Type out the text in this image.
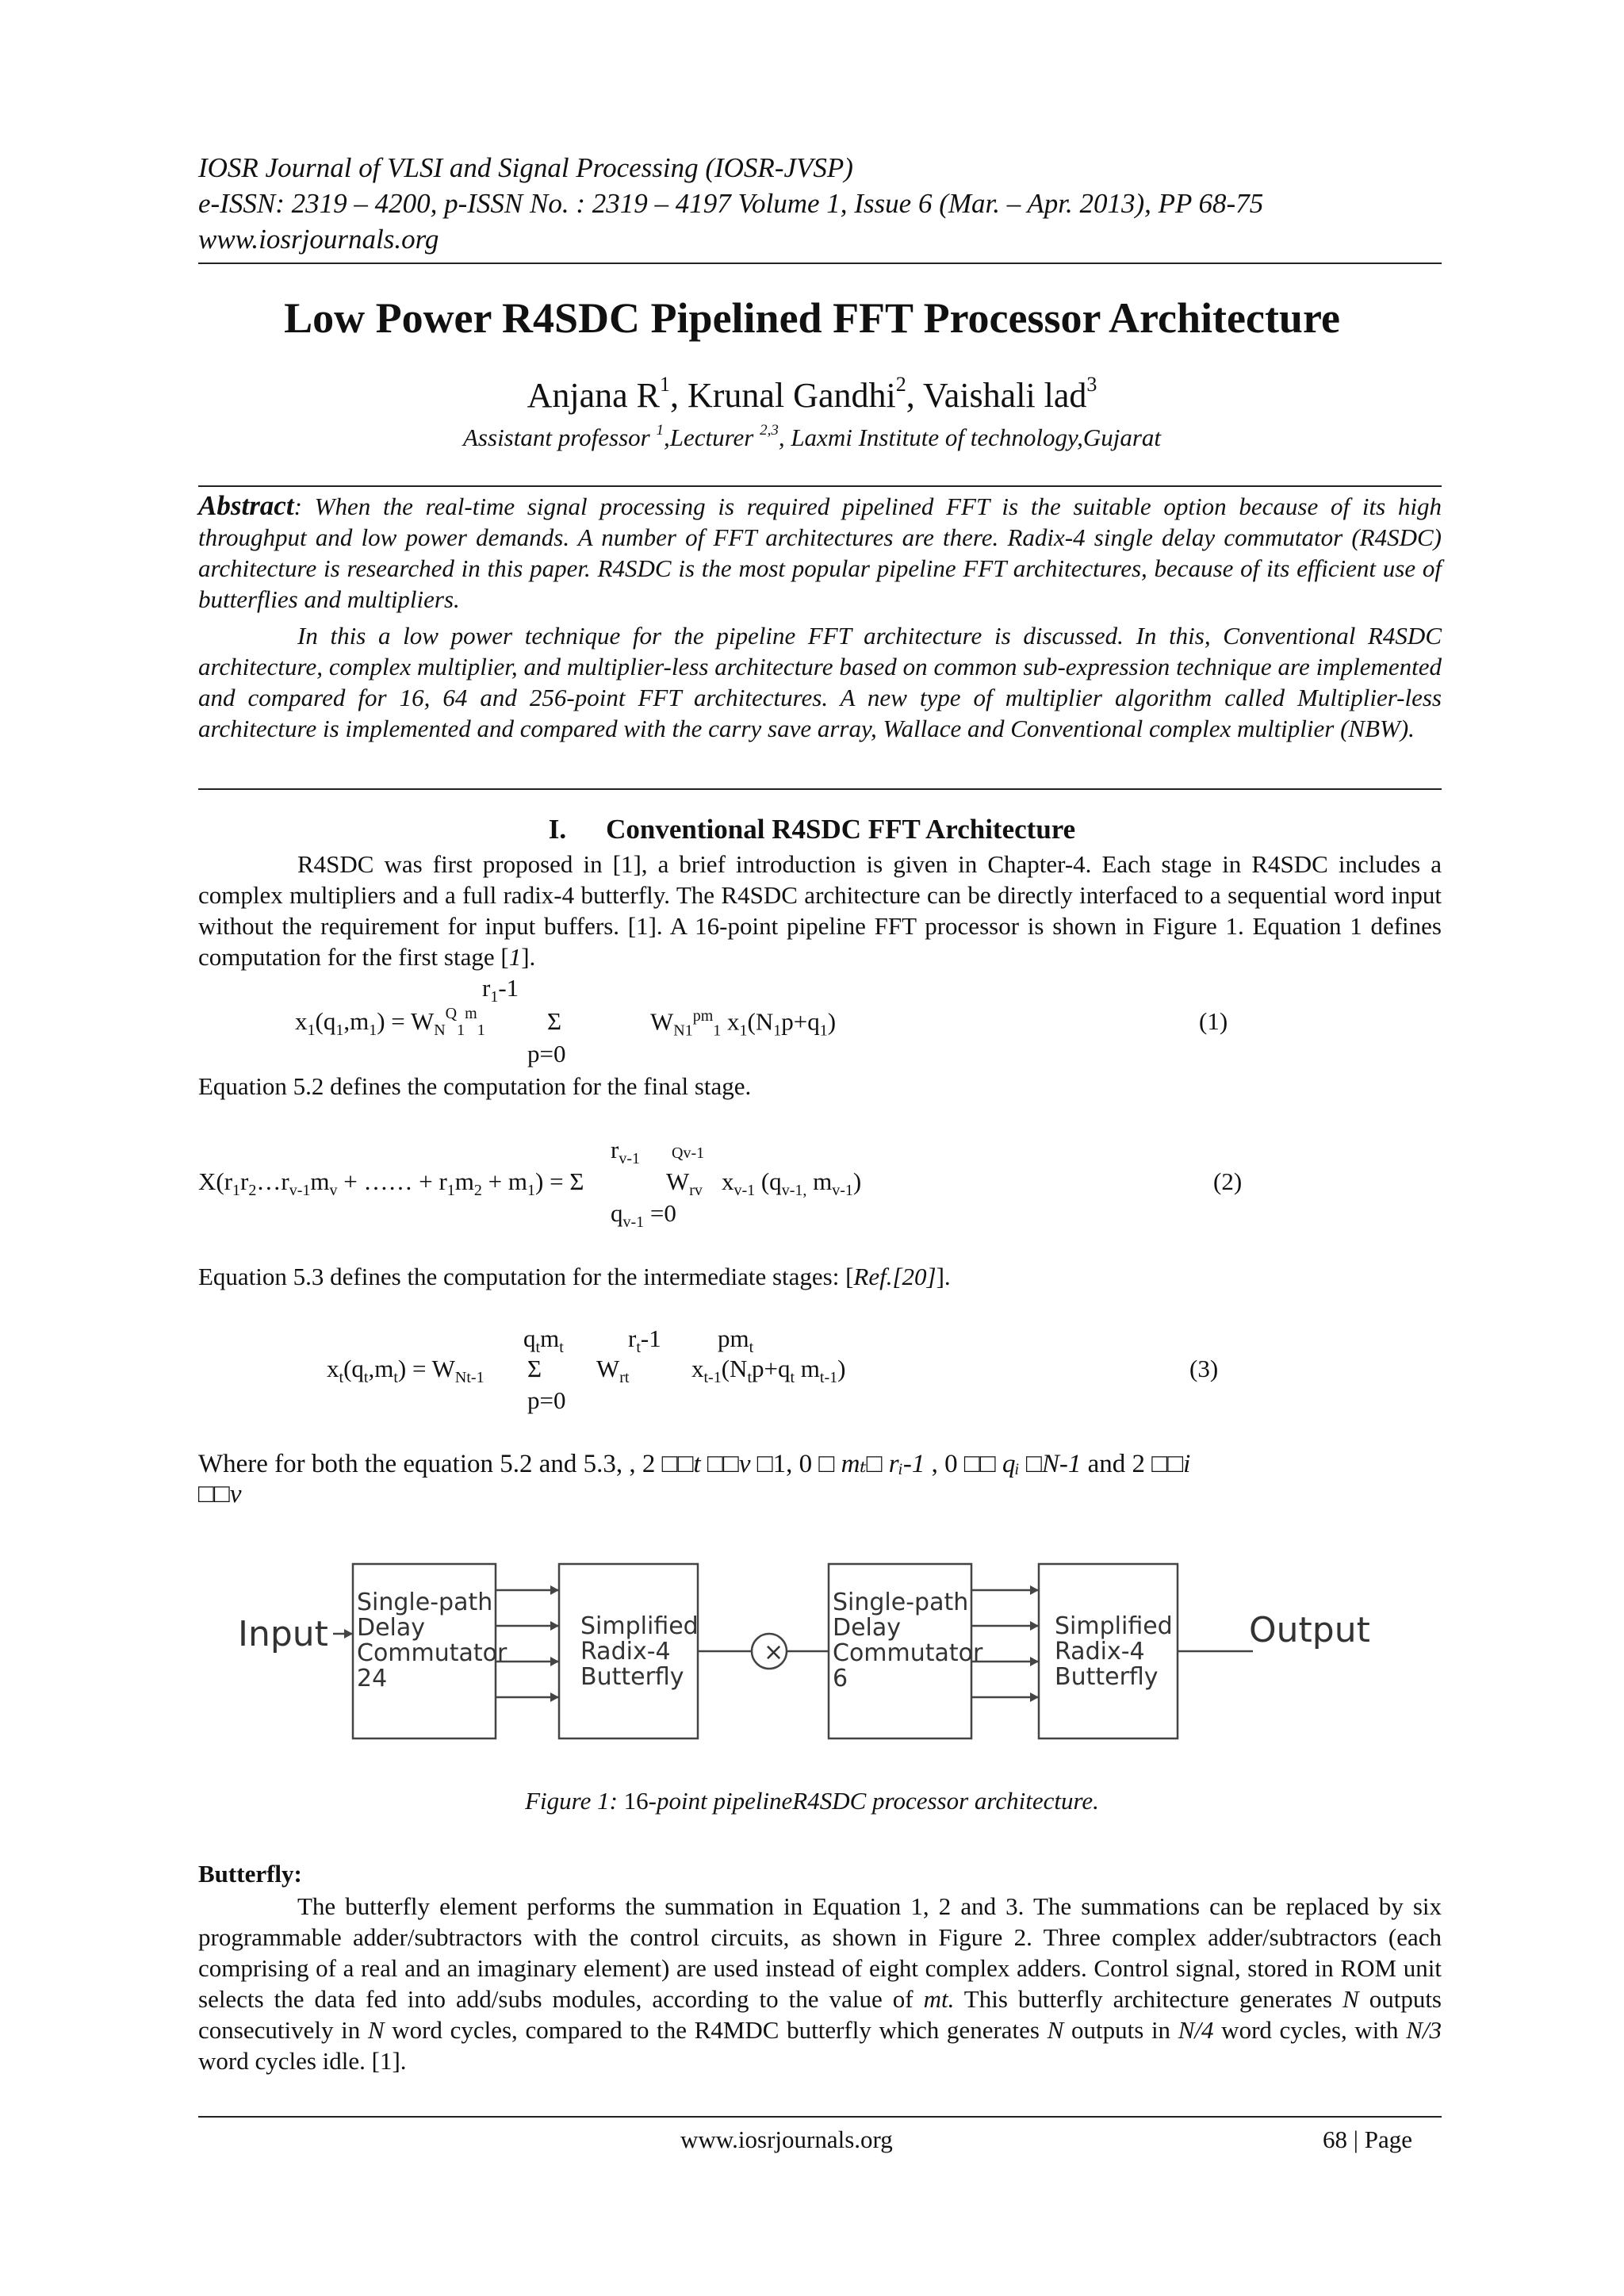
IOSR Journal of VLSI and Signal Processing (IOSR-JVSP)
e-ISSN: 2319 – 4200, p-ISSN No. : 2319 – 4197 Volume 1, Issue 6 (Mar. – Apr. 2013), PP 68-75
www.iosrjournals.org
Low Power R4SDC Pipelined FFT Processor Architecture
Anjana $R^1$, Krunal Gandhi$^2$, Vaishali lad$^3$
Assistant professor $^1$,Lecturer $^{2,3}$, Laxmi Institute of technology,Gujarat
Abstract: When the real-time signal processing is required pipelined FFT is the suitable option because of its high throughput and low power demands. A number of FFT architectures are there. Radix-4 single delay commutator (R4SDC) architecture is researched in this paper. R4SDC is the most popular pipeline FFT architectures, because of its efficient use of butterflies and multipliers.
In this a low power technique for the pipeline FFT architecture is discussed. In this, Conventional R4SDC architecture, complex multiplier, and multiplier-less architecture based on common sub-expression technique are implemented and compared for 16, 64 and 256-point FFT architectures. A new type of multiplier algorithm called Multiplier-less architecture is implemented and compared with the carry save array, Wallace and Conventional complex multiplier (NBW).
I. Conventional R4SDC FFT Architecture
R4SDC was first proposed in [1], a brief introduction is given in Chapter-4. Each stage in R4SDC includes a complex multipliers and a full radix-4 butterfly. The R4SDC architecture can be directly interfaced to a sequential word input without the requirement for input buffers. [1]. A 16-point pipeline FFT processor is shown in Figure 1. Equation 1 defines computation for the first stage [1].
$r_1-1$
$x_1(q_1,m_1) = W_N^Q_1^m_1$	Σ	$W_{N1}^{pm}_1$ $x_1(N_1p+q_1)$	(1)
p=0
Equation 5.2 defines the computation for the final stage.
$r_{v-1}$ Qv-1
$X(r_1r_2\dots r_{v-1}m_v$ + …… + $r_1m_2 + m_1) = \Sigma$	$W_{rv}$ $x_{v-1}$ ($q_{v-1,}$ $m_{v-1}$)	(2)
$q_{v-1} =0$
Equation 5.3 defines the computation for the intermediate stages: [Ref.[20]].
$q_tm_t$	$r_t-1$ $pm_t$
$x_t(q_t,m_t) = W_{Nt-1}$ Σ $W_{rt}$	$x_{t-1}(N_tp+q_t$ $m_{t-1}$)	(3)
p=0
Where for both the equation 5.2 and 5.3, , 2 □□t □□v □1, 0 □ mₜ□ rᵢ-1 , 0 □□ qᵢ □N-1 and 2 □□i
□□v
Input	Output
×
Single-path
Delay
Commutator
24
Simplified
Radix-4
Butterfly
Single-path
Delay
Commutator
6
Simplified
Radix-4
Butterfly
Figure 1: 16-point pipelineR4SDC processor architecture.
Butterfly:
The butterfly element performs the summation in Equation 1, 2 and 3. The summations can be replaced by six programmable adder/subtractors with the control circuits, as shown in Figure 2. Three complex adder/subtractors (each comprising of a real and an imaginary element) are used instead of eight complex adders. Control signal, stored in ROM unit selects the data fed into add/subs modules, according to the value of mt. This butterfly architecture generates N outputs consecutively in N word cycles, compared to the R4MDC butterfly which generates N outputs in N/4 word cycles, with N/3 word cycles idle. [1].
www.iosrjournals.org	68 | Page
